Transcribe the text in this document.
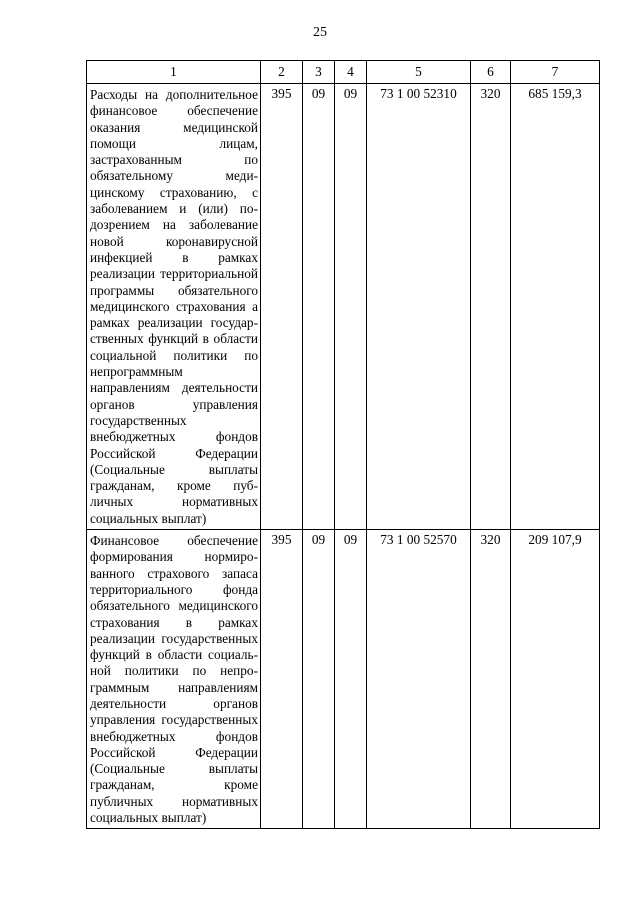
25
1	2	3	4	5	6	7
Расходы на дополнительное финансовое обеспечение оказания медицинской помощи лицам, застрахованным по обязательному медицинскому страхованию, с заболеванием и (или) подозрением на заболевание новой коронавирусной инфекцией в рамках реализации территориальной программы обязательного медицинского страхования а рамках реализации государственных функций в области социальной политики по непрограммным направлениям деятельности органов управления государственных внебюджетных фондов Российской Федерации (Социальные выплаты гражданам, кроме публичных нормативных социальных выплат)	395	09	09	73 1 00 52310	320	685 159,3
Финансовое обеспечение формирования нормированного страхового запаса территориального фонда обязательного медицинского страхования в рамках реализации государственных функций в области социальной политики по непрограммным направлениям деятельности органов управления государственных внебюджетных фондов Российской Федерации (Социальные выплаты гражданам, кроме публичных нормативных социальных выплат)	395	09	09	73 1 00 52570	320	209 107,9
